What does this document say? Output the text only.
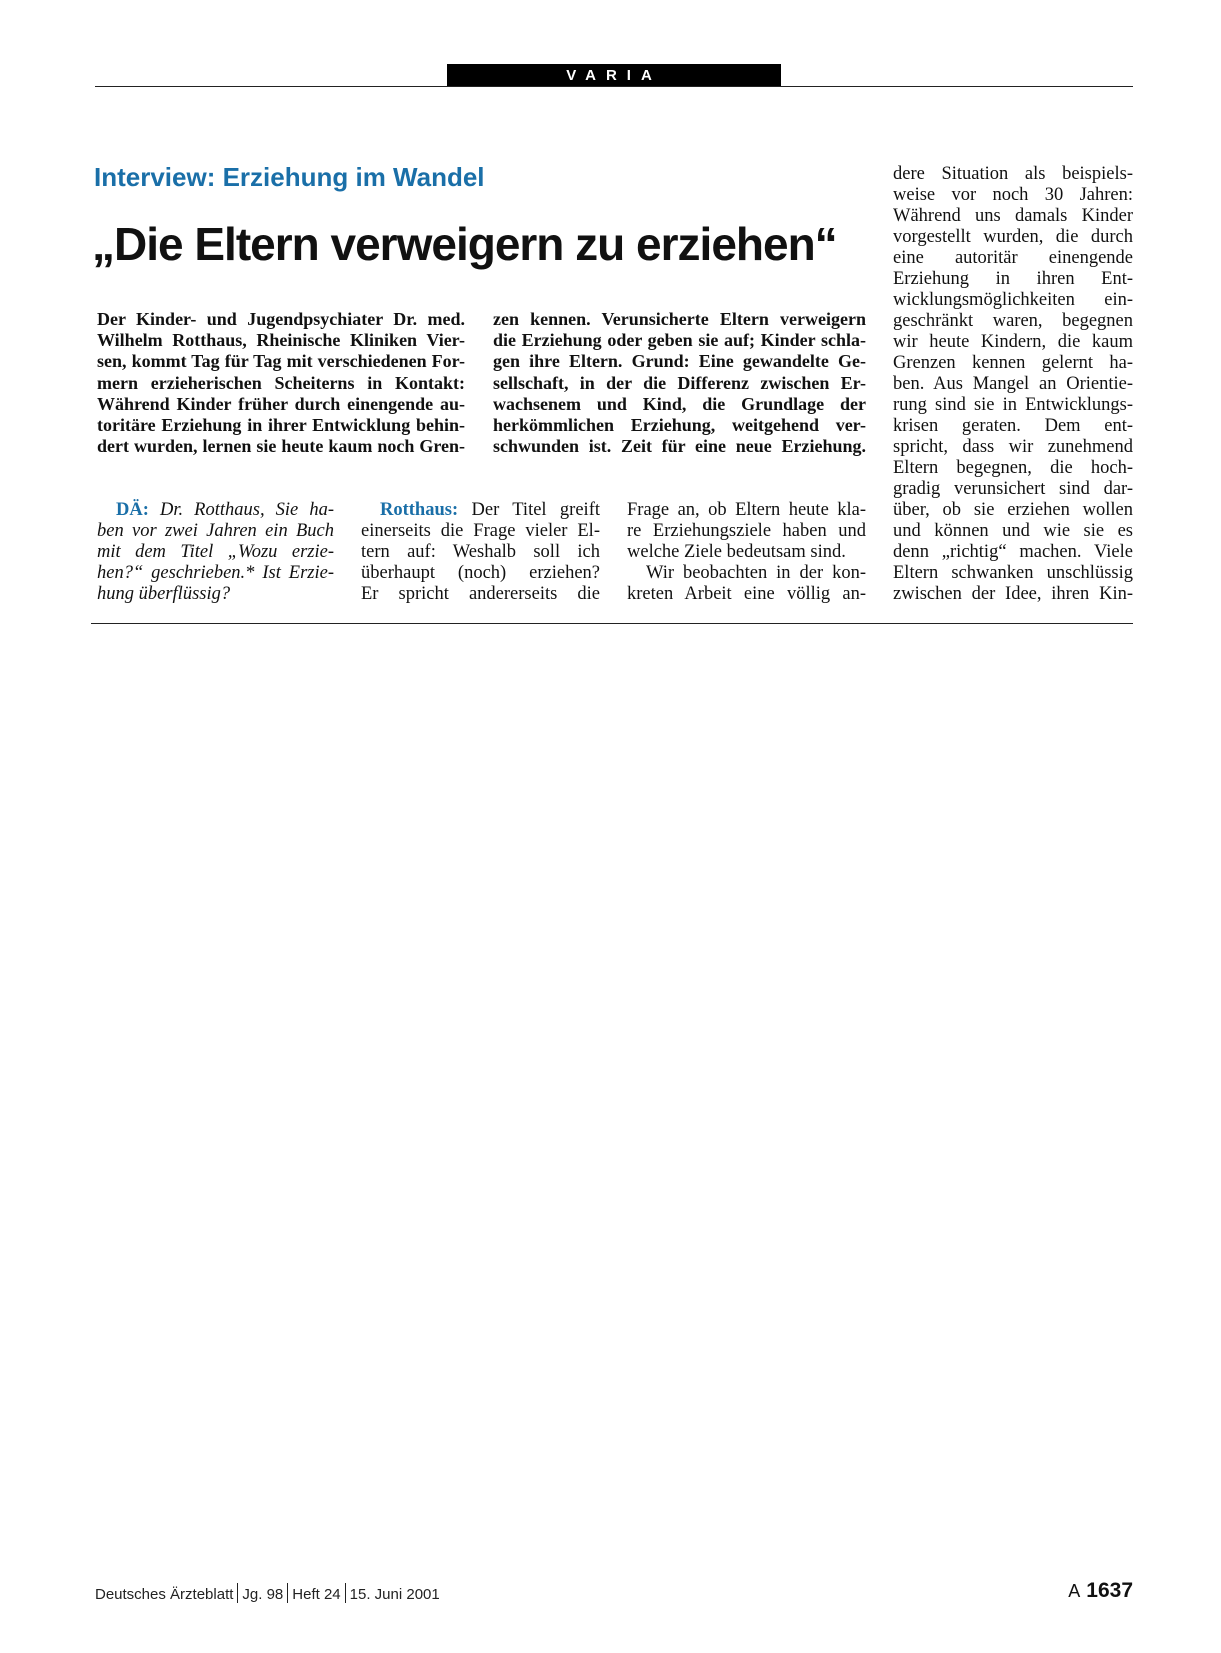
VARIA
Interview: Erziehung im Wandel
„Die Eltern verweigern zu erziehen“
Der Kinder- und Jugendpsychiater Dr. med.
Wilhelm Rotthaus, Rheinische Kliniken Vier-
sen, kommt Tag für Tag mit verschiedenen For-
mern erzieherischen Scheiterns in Kontakt:
Während Kinder früher durch einengende au-
toritäre Erziehung in ihrer Entwicklung behin-
dert wurden, lernen sie heute kaum noch Gren-
zen kennen. Verunsicherte Eltern verweigern
die Erziehung oder geben sie auf; Kinder schla-
gen ihre Eltern. Grund: Eine gewandelte Ge-
sellschaft, in der die Differenz zwischen Er-
wachsenem und Kind, die Grundlage der
herkömmlichen Erziehung, weitgehend ver-
schwunden ist. Zeit für eine neue Erziehung.
DÄ: Dr. Rotthaus, Sie ha-
ben vor zwei Jahren ein Buch
mit dem Titel „Wozu erzie-
hen?“ geschrieben.* Ist Erzie-
hung überflüssig?
Rotthaus: Der Titel greift
einerseits die Frage vieler El-
tern auf: Weshalb soll ich
überhaupt (noch) erziehen?
Er spricht andererseits die
Frage an, ob Eltern heute kla-
re Erziehungsziele haben und
welche Ziele bedeutsam sind.
Wir beobachten in der kon-
kreten Arbeit eine völlig an-
dere Situation als beispiels-
weise vor noch 30 Jahren:
Während uns damals Kinder
vorgestellt wurden, die durch
eine autoritär einengende
Erziehung in ihren Ent-
wicklungsmöglichkeiten ein-
geschränkt waren, begegnen
wir heute Kindern, die kaum
Grenzen kennen gelernt ha-
ben. Aus Mangel an Orientie-
rung sind sie in Entwicklungs-
krisen geraten. Dem ent-
spricht, dass wir zunehmend
Eltern begegnen, die hoch-
gradig verunsichert sind dar-
über, ob sie erziehen wollen
und können und wie sie es
denn „richtig“ machen. Viele
Eltern schwanken unschlüssig
zwischen der Idee, ihren Kin-
Deutsches Ärzteblatt Jg. 98 Heft 24 15. Juni 2001	A 1637
